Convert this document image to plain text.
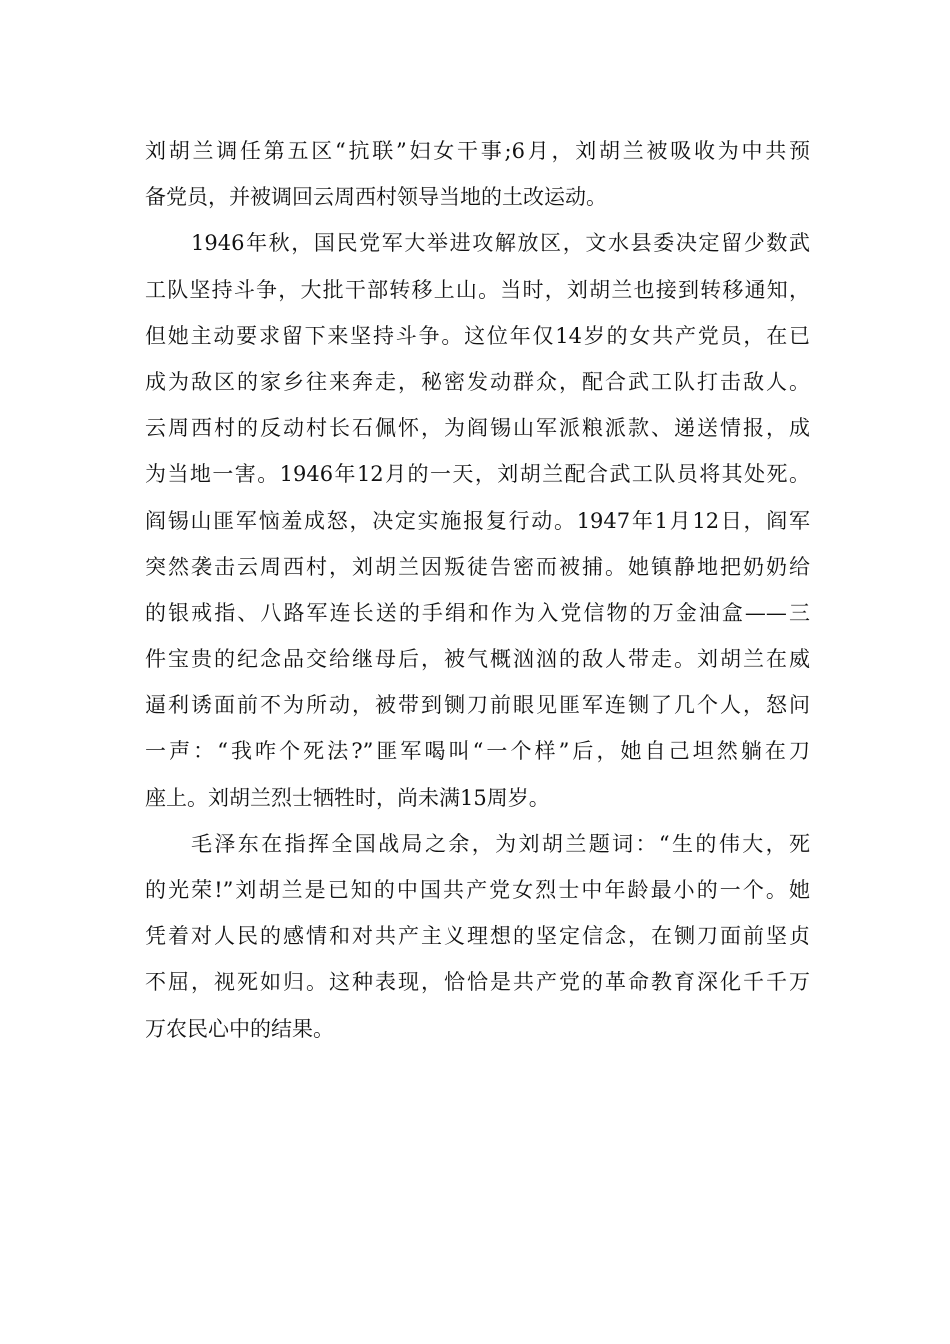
刘胡兰调任第五区“抗联”妇女干事;6月，刘胡兰被吸收为中共预
备党员，并被调回云周西村领导当地的土改运动。
1946年秋，国民党军大举进攻解放区，文水县委决定留少数武
工队坚持斗争，大批干部转移上山。当时，刘胡兰也接到转移通知，
但她主动要求留下来坚持斗争。这位年仅14岁的女共产党员，在已
成为敌区的家乡往来奔走，秘密发动群众，配合武工队打击敌人。
云周西村的反动村长石佩怀，为阎锡山军派粮派款、递送情报，成
为当地一害。1946年12月的一天，刘胡兰配合武工队员将其处死。
阎锡山匪军恼羞成怒，决定实施报复行动。1947年1月12日，阎军
突然袭击云周西村，刘胡兰因叛徒告密而被捕。她镇静地把奶奶给
的银戒指、八路军连长送的手绢和作为入党信物的万金油盒——三
件宝贵的纪念品交给继母后，被气概汹汹的敌人带走。刘胡兰在威
逼利诱面前不为所动，被带到铡刀前眼见匪军连铡了几个人，怒问
一声：“我咋个死法?”匪军喝叫“一个样”后，她自己坦然躺在刀
座上。刘胡兰烈士牺牲时，尚未满15周岁。
毛泽东在指挥全国战局之余，为刘胡兰题词：“生的伟大，死
的光荣!”刘胡兰是已知的中国共产党女烈士中年龄最小的一个。她
凭着对人民的感情和对共产主义理想的坚定信念，在铡刀面前坚贞
不屈，视死如归。这种表现，恰恰是共产党的革命教育深化千千万
万农民心中的结果。
